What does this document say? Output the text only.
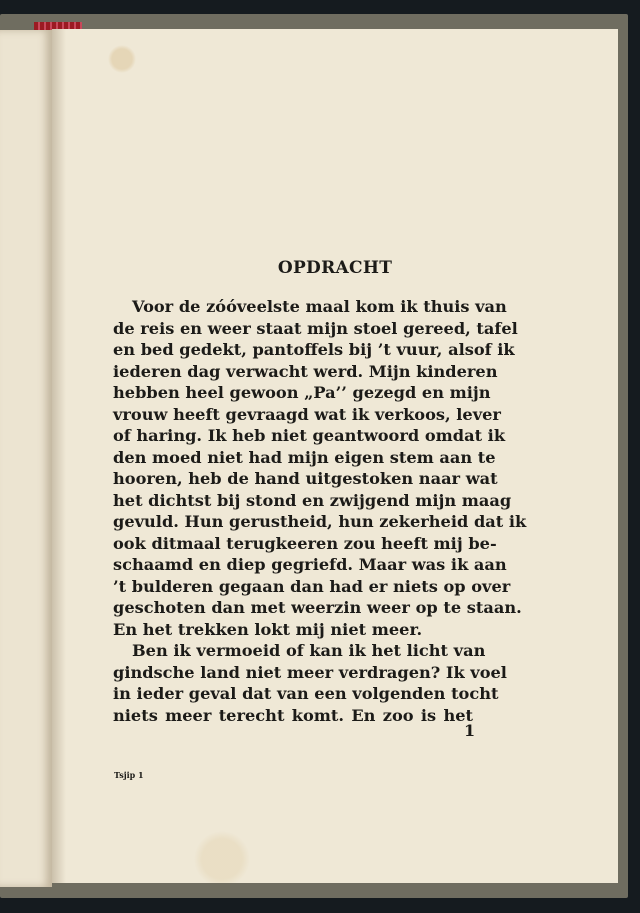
OPDRACHT

Voor de zóóveelste maal kom ik thuis van
de reis en weer staat mijn stoel gereed, tafel
en bed gedekt, pantoffels bij ’t vuur, alsof ik
iederen dag verwacht werd. Mijn kinderen
hebben heel gewoon „Pa’’ gezegd en mijn
vrouw heeft gevraagd wat ik verkoos, lever
of haring. Ik heb niet geantwoord omdat ik
den moed niet had mijn eigen stem aan te
hooren, heb de hand uitgestoken naar wat
het dichtst bij stond en zwijgend mijn maag
gevuld. Hun gerustheid, hun zekerheid dat ik
ook ditmaal terugkeeren zou heeft mij be-
schaamd en diep gegriefd. Maar was ik aan
’t bulderen gegaan dan had er niets op over
geschoten dan met weerzin weer op te staan.
En het trekken lokt mij niet meer.

Ben ik vermoeid of kan ik het licht van
gindsche land niet meer verdragen? Ik voel
in ieder geval dat van een volgenden tocht
niets meer terecht komt. En zoo is het

1
Tsjip 1
